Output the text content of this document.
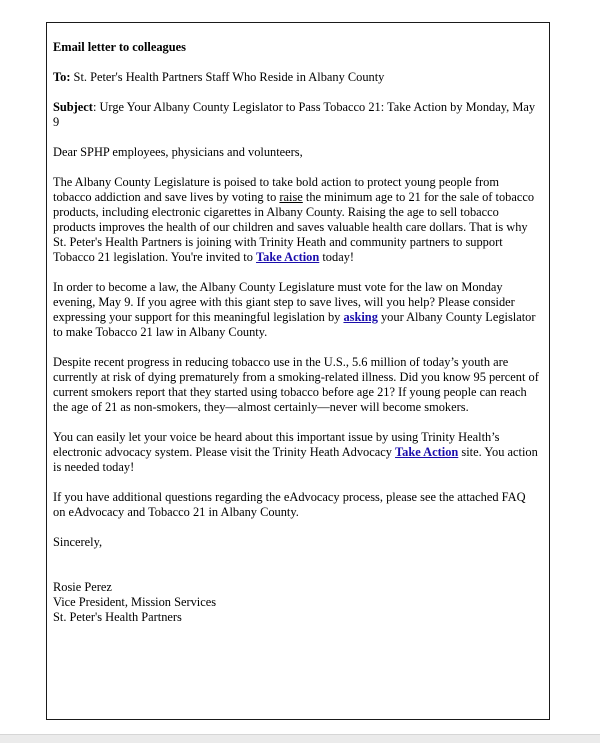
Email letter to colleagues

To: St. Peter's Health Partners Staff Who Reside in Albany County

Subject: Urge Your Albany County Legislator to Pass Tobacco 21: Take Action by Monday, May 9

Dear SPHP employees, physicians and volunteers,

The Albany County Legislature is poised to take bold action to protect young people from tobacco addiction and save lives by voting to raise the minimum age to 21 for the sale of tobacco products, including electronic cigarettes in Albany County. Raising the age to sell tobacco products improves the health of our children and saves valuable health care dollars. That is why St. Peter's Health Partners is joining with Trinity Heath and community partners to support Tobacco 21 legislation. You're invited to Take Action today!

In order to become a law, the Albany County Legislature must vote for the law on Monday evening, May 9. If you agree with this giant step to save lives, will you help? Please consider expressing your support for this meaningful legislation by asking your Albany County Legislator to make Tobacco 21 law in Albany County.

Despite recent progress in reducing tobacco use in the U.S., 5.6 million of today’s youth are currently at risk of dying prematurely from a smoking-related illness. Did you know 95 percent of current smokers report that they started using tobacco before age 21? If young people can reach the age of 21 as non-smokers, they—almost certainly—never will become smokers.

You can easily let your voice be heard about this important issue by using Trinity Health’s electronic advocacy system. Please visit the Trinity Heath Advocacy Take Action site. You action is needed today!

If you have additional questions regarding the eAdvocacy process, please see the attached FAQ on eAdvocacy and Tobacco 21 in Albany County.

Sincerely,

Rosie Perez

Vice President, Mission Services

St. Peter's Health Partners
